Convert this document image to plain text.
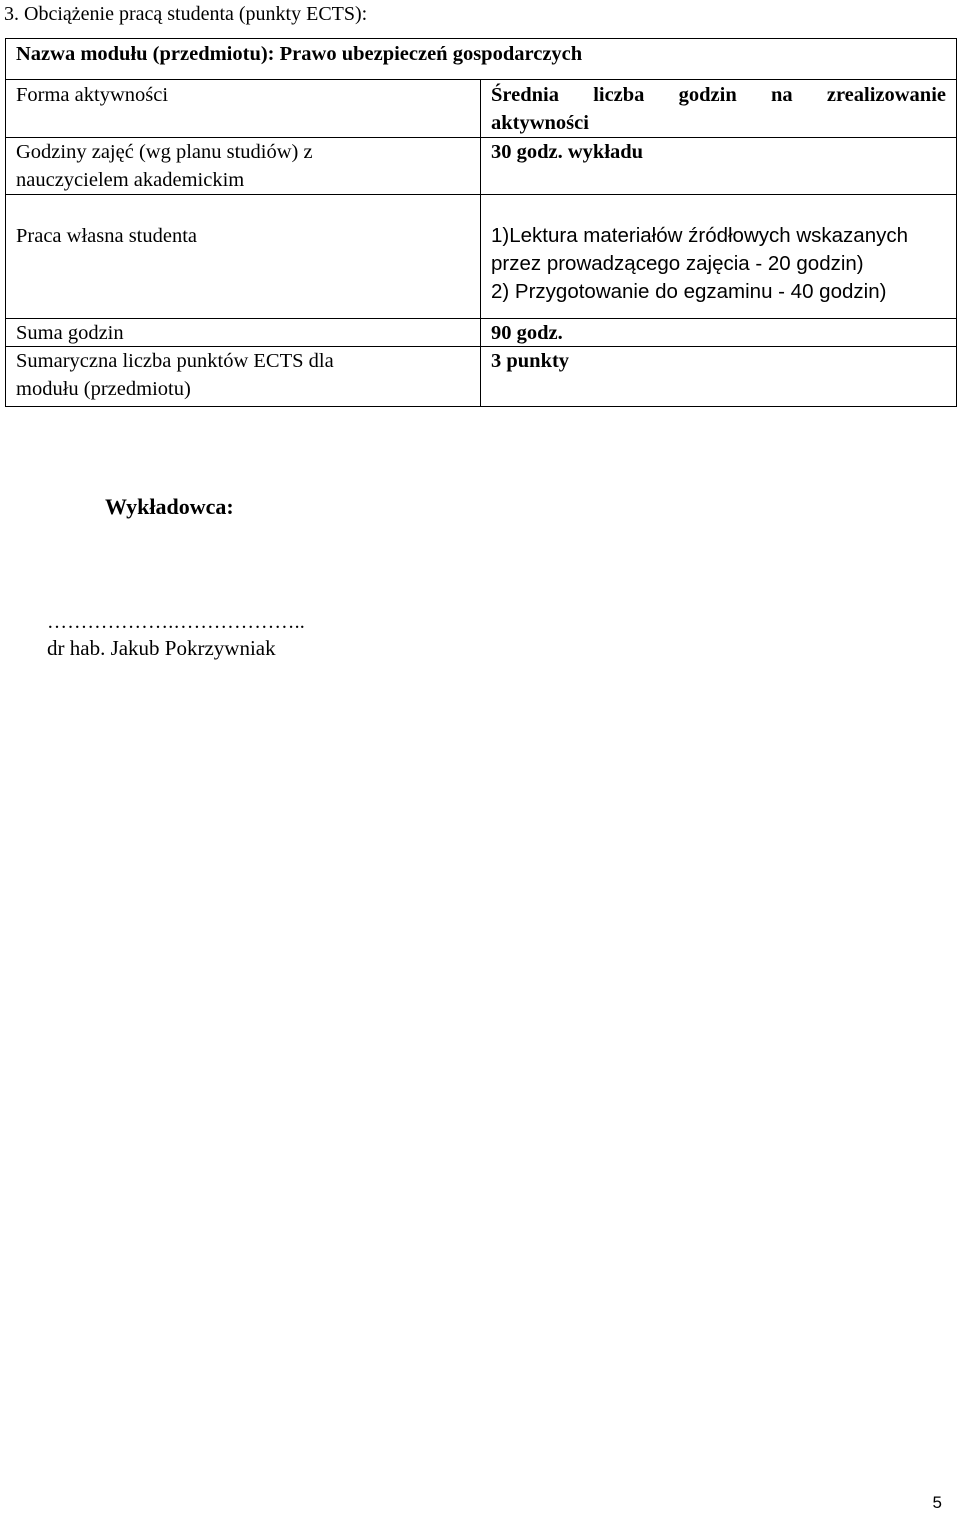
3. Obciążenie pracą studenta (punkty ECTS):
Nazwa modułu (przedmiotu): Prawo ubezpieczeń gospodarczych	
Forma aktywności	Średnia liczba godzin na zrealizowanie
aktywności

Godziny zajęć (wg planu studiów) z
nauczycielem akademickim	30 godz. wykładu
Praca własna studenta	1)Lektura materiałów źródłowych wskazanych
przez prowadzącego zajęcia - 20 godzin)
2) Przygotowanie do egzaminu - 40 godzin)

Suma godzin	90 godz.

Sumaryczna liczba punktów ECTS dla
modułu (przedmiotu)	3 punkty
Wykładowca:
……………….………………..
dr hab. Jakub Pokrzywniak
5
